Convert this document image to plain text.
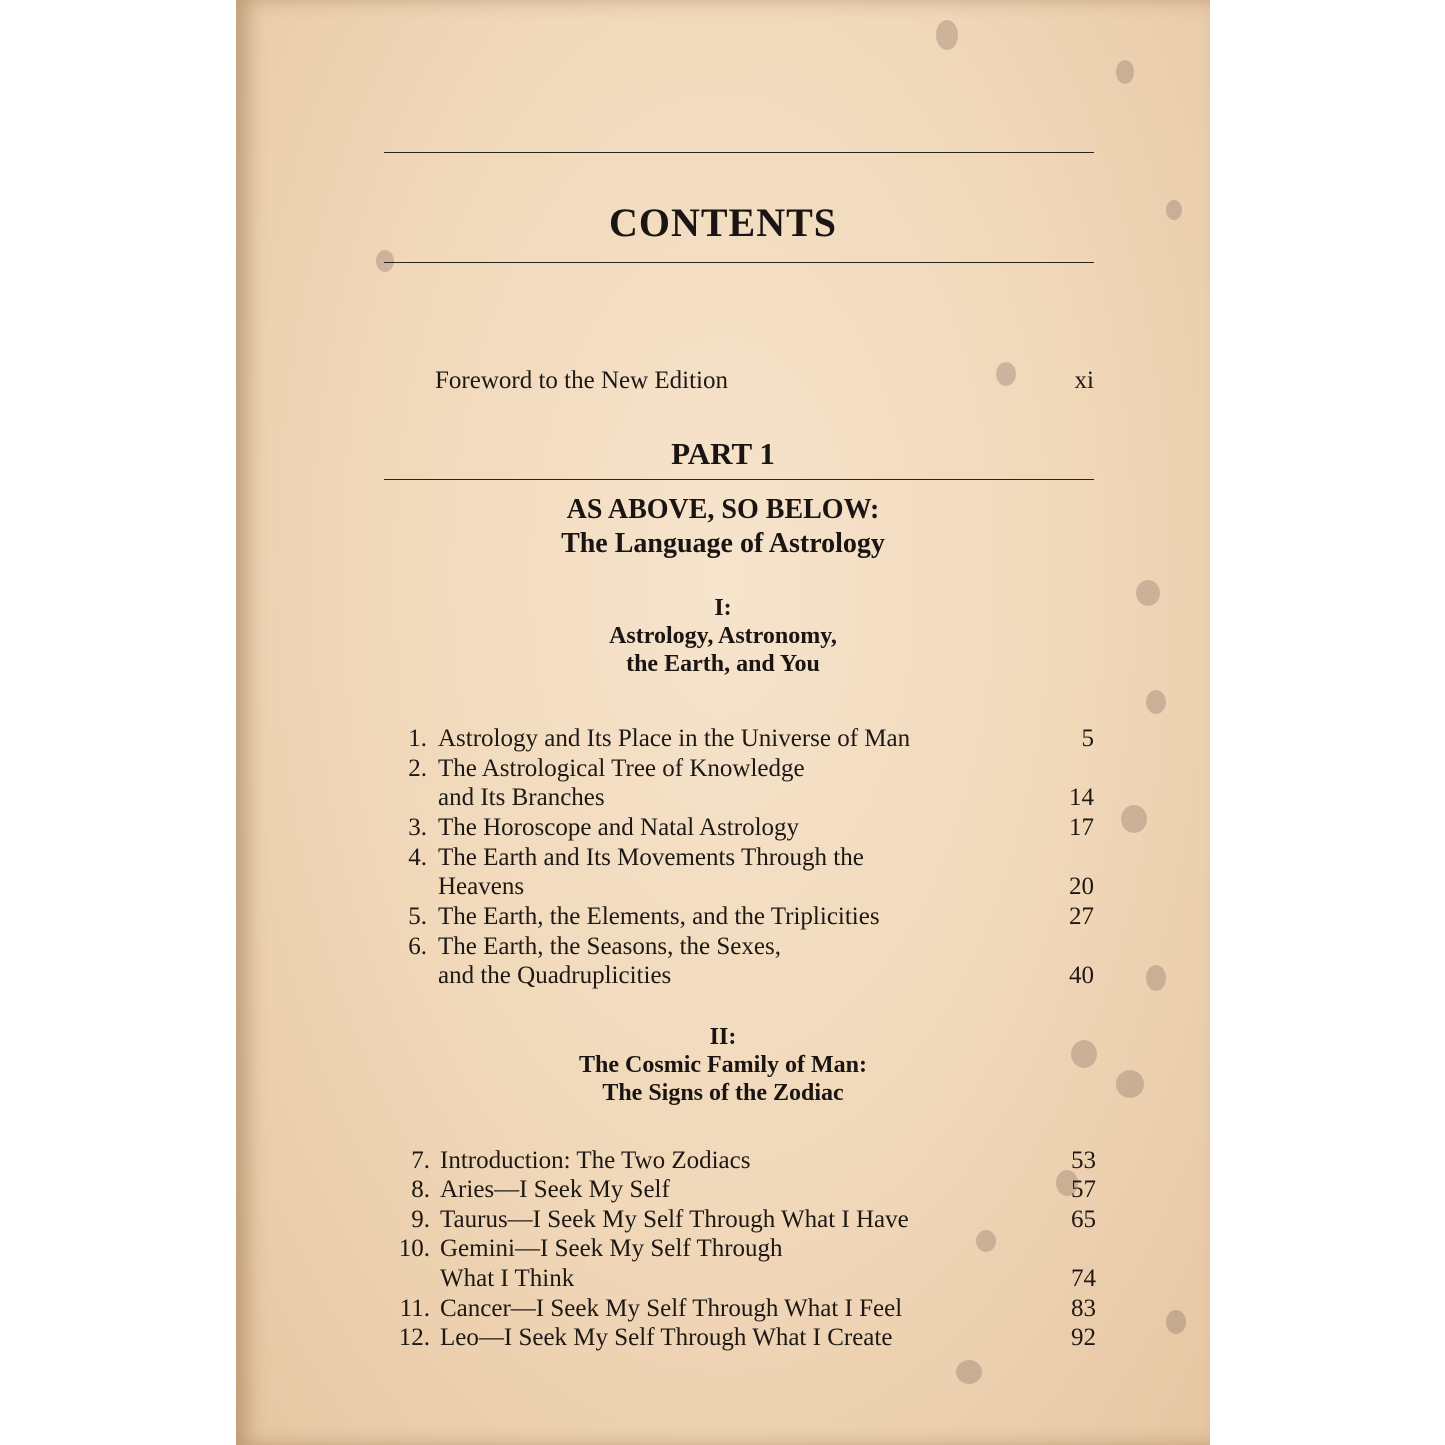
CONTENTS
Foreword to the New Edition	xi
PART 1
AS ABOVE, SO BELOW:
The Language of Astrology
I:
Astrology, Astronomy,
the Earth, and You
1. Astrology and Its Place in the Universe of Man	5
2. The Astrological Tree of Knowledge
and Its Branches	14
3. The Horoscope and Natal Astrology	17
4. The Earth and Its Movements Through the
Heavens	20
5. The Earth, the Elements, and the Triplicities	27
6. The Earth, the Seasons, the Sexes,
and the Quadruplicities	40
II:
The Cosmic Family of Man:
The Signs of the Zodiac
7. Introduction: The Two Zodiacs	53
8. Aries—I Seek My Self	57
9. Taurus—I Seek My Self Through What I Have	65
10. Gemini—I Seek My Self Through
What I Think	74
11. Cancer—I Seek My Self Through What I Feel	83
12. Leo—I Seek My Self Through What I Create	92
